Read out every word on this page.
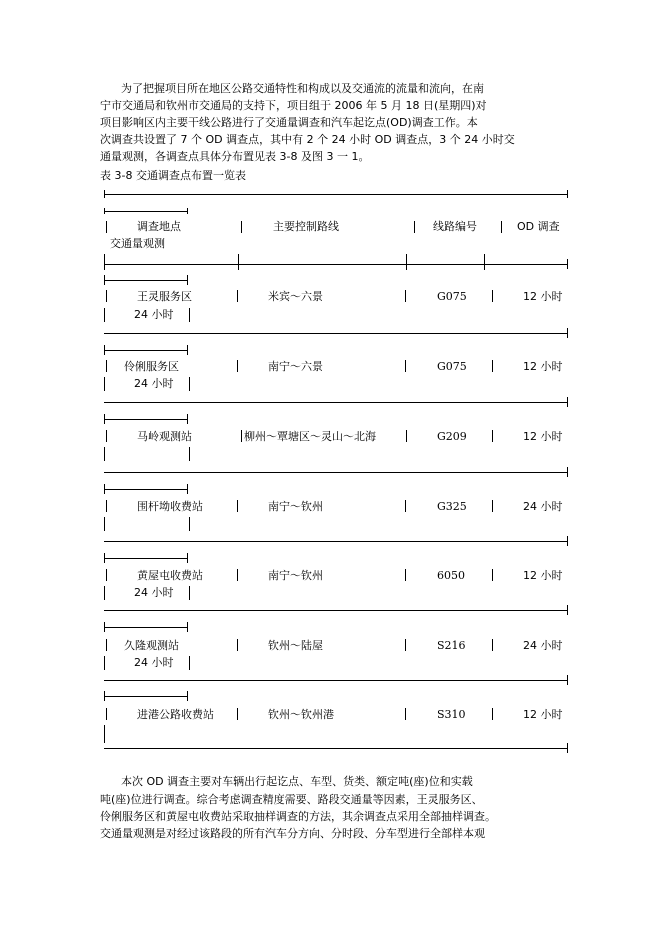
为了把握项目所在地区公路交通特性和构成以及交通流的流量和流向，在南
宁市交通局和钦州市交通局的支持下，项目组于 2006 年 5 月 18 日(星期四)对
项目影响区内主要干线公路进行了交通量调查和汽车起讫点(OD)调查工作。本
次调查共设置了 7 个 OD 调查点，其中有 2 个 24 小时 OD 调查点，3 个 24 小时交
通量观测，各调查点具体分布置见表 3-8 及图 3 一 1。
表 3-8 交通调查点布置一览表
调查地点	主要控制路线	线路编号	OD 调查
交通量观测
王灵服务区	米宾～六景	G075	12 小时
24 小时
伶俐服务区	南宁～六景	G075	12 小时
24 小时
马岭观测站	柳州～覃塘区～灵山～北海	G209	12 小时
围杆坳收费站	南宁～钦州	G325	24 小时
黄屋屯收费站	南宁～钦州	6050	12 小时
24 小时
久隆观测站	钦州～陆屋	S216	24 小时
24 小时
进港公路收费站	钦州～钦州港	S310	12 小时
本次 OD 调查主要对车辆出行起讫点、车型、货类、额定吨(座)位和实载
吨(座)位进行调查。综合考虑调查精度需要、路段交通量等因素，王灵服务区、
伶俐服务区和黄屋屯收费站采取抽样调查的方法，其余调查点采用全部抽样调查。
交通量观测是对经过该路段的所有汽车分方向、分时段、分车型进行全部样本观
